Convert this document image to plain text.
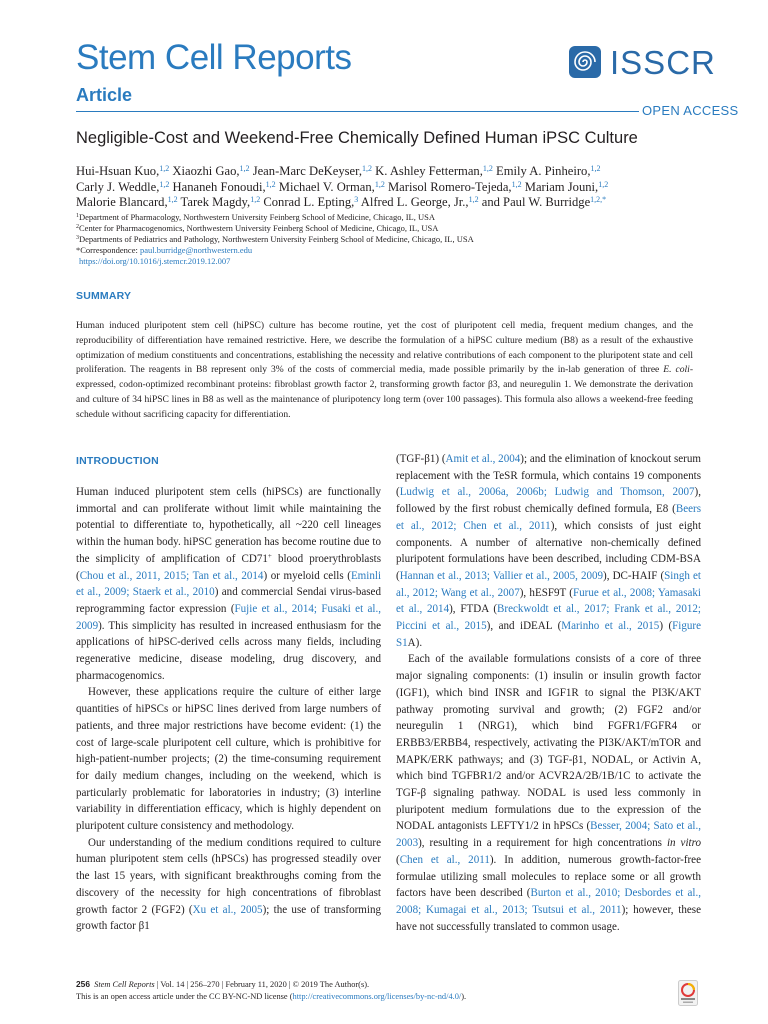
Stem Cell Reports
Article
ISSCR
OPEN ACCESS
Negligible-Cost and Weekend-Free Chemically Defined Human iPSC Culture
Hui-Hsuan Kuo,$^{1,2}$ Xiaozhi Gao,$^{1,2}$ Jean-Marc DeKeyser,$^{1,2}$ K. Ashley Fetterman,$^{1,2}$ Emily A. Pinheiro,$^{1,2}$
Carly J. Weddle,$^{1,2}$ Hananeh Fonoudi,$^{1,2}$ Michael V. Orman,$^{1,2}$ Marisol Romero-Tejeda,$^{1,2}$ Mariam Jouni,$^{1,2}$
Malorie Blancard,$^{1,2}$ Tarek Magdy,$^{1,2}$ Conrad L. Epting,$^3$ Alfred L. George, Jr.,$^{1,2}$ and Paul W. Burridge$^{1,2,*}$
$^1$Department of Pharmacology, Northwestern University Feinberg School of Medicine, Chicago, IL, USA
$^2$Center for Pharmacogenomics, Northwestern University Feinberg School of Medicine, Chicago, IL, USA
$^3$Departments of Pediatrics and Pathology, Northwestern University Feinberg School of Medicine, Chicago, IL, USA
*Correspondence: paul.burridge@northwestern.edu
https://doi.org/10.1016/j.stemcr.2019.12.007
SUMMARY

Human induced pluripotent stem cell (hiPSC) culture has become routine, yet the cost of pluripotent cell media, frequent medium changes, and the reproducibility of differentiation have remained restrictive. Here, we describe the formulation of a hiPSC culture medium (B8) as a result of the exhaustive optimization of medium constituents and concentrations, establishing the necessity and relative contributions of each component to the pluripotent state and cell proliferation. The reagents in B8 represent only 3% of the costs of commercial media, made possible primarily by the in-lab generation of three E. coli-expressed, codon-optimized recombinant proteins: fibroblast growth factor 2, transforming growth factor β3, and neuregulin 1. We demonstrate the derivation and culture of 34 hiPSC lines in B8 as well as the maintenance of pluripotency long term (over 100 passages). This formula also allows a weekend-free feeding schedule without sacrificing capacity for differentiation.

INTRODUCTION

Human induced pluripotent stem cells (hiPSCs) are functionally immortal and can proliferate without limit while maintaining the potential to differentiate to, hypothetically, all ~220 cell lineages within the human body. hiPSC generation has become routine due to the simplicity of amplification of CD71+ blood proerythroblasts (Chou et al., 2011, 2015; Tan et al., 2014) or myeloid cells (Eminli et al., 2009; Staerk et al., 2010) and commercial Sendai virus-based reprogramming factor expression (Fujie et al., 2014; Fusaki et al., 2009). This simplicity has resulted in increased enthusiasm for the applications of hiPSC-derived cells across many fields, including regenerative medicine, disease modeling, drug discovery, and pharmacogenomics.

However, these applications require the culture of either large quantities of hiPSCs or hiPSC lines derived from large numbers of patients, and three major restrictions have become evident: (1) the cost of large-scale pluripotent cell culture, which is prohibitive for high-patient-number projects; (2) the time-consuming requirement for daily medium changes, including on the weekend, which is particularly problematic for laboratories in industry; (3) interline variability in differentiation efficacy, which is highly dependent on pluripotent culture consistency and methodology.

Our understanding of the medium conditions required to culture human pluripotent stem cells (hPSCs) has progressed steadily over the last 15 years, with significant breakthroughs coming from the discovery of the necessity for high concentrations of fibroblast growth factor 2 (FGF2) (Xu et al., 2005); the use of transforming growth factor β1

(TGF-β1) (Amit et al., 2004); and the elimination of knockout serum replacement with the TeSR formula, which contains 19 components (Ludwig et al., 2006a, 2006b; Ludwig and Thomson, 2007), followed by the first robust chemically defined formula, E8 (Beers et al., 2012; Chen et al., 2011), which consists of just eight components. A number of alternative non-chemically defined pluripotent formulations have been described, including CDM-BSA (Hannan et al., 2013; Vallier et al., 2005, 2009), DC-HAIF (Singh et al., 2012; Wang et al., 2007), hESF9T (Furue et al., 2008; Yamasaki et al., 2014), FTDA (Breckwoldt et al., 2017; Frank et al., 2012; Piccini et al., 2015), and iDEAL (Marinho et al., 2015) (Figure S1A).

Each of the available formulations consists of a core of three major signaling components: (1) insulin or insulin growth factor (IGF1), which bind INSR and IGF1R to signal the PI3K/AKT pathway promoting survival and growth; (2) FGF2 and/or neuregulin 1 (NRG1), which bind FGFR1/FGFR4 or ERBB3/ERBB4, respectively, activating the PI3K/AKT/mTOR and MAPK/ERK pathways; and (3) TGF-β1, NODAL, or Activin A, which bind TGFBR1/2 and/or ACVR2A/2B/1B/1C to activate the TGF-β signaling pathway. NODAL is used less commonly in pluripotent medium formulations due to the expression of the NODAL antagonists LEFTY1/2 in hPSCs (Besser, 2004; Sato et al., 2003), resulting in a requirement for high concentrations in vitro (Chen et al., 2011). In addition, numerous growth-factor-free formulae utilizing small molecules to replace some or all growth factors have been described (Burton et al., 2010; Desbordes et al., 2008; Kumagai et al., 2013; Tsutsui et al., 2011); however, these have not successfully translated to common usage.

256 Stem Cell Reports | Vol. 14 | 256–270 | February 11, 2020 | © 2019 The Author(s).
This is an open access article under the CC BY-NC-ND license (http://creativecommons.org/licenses/by-nc-nd/4.0/).
